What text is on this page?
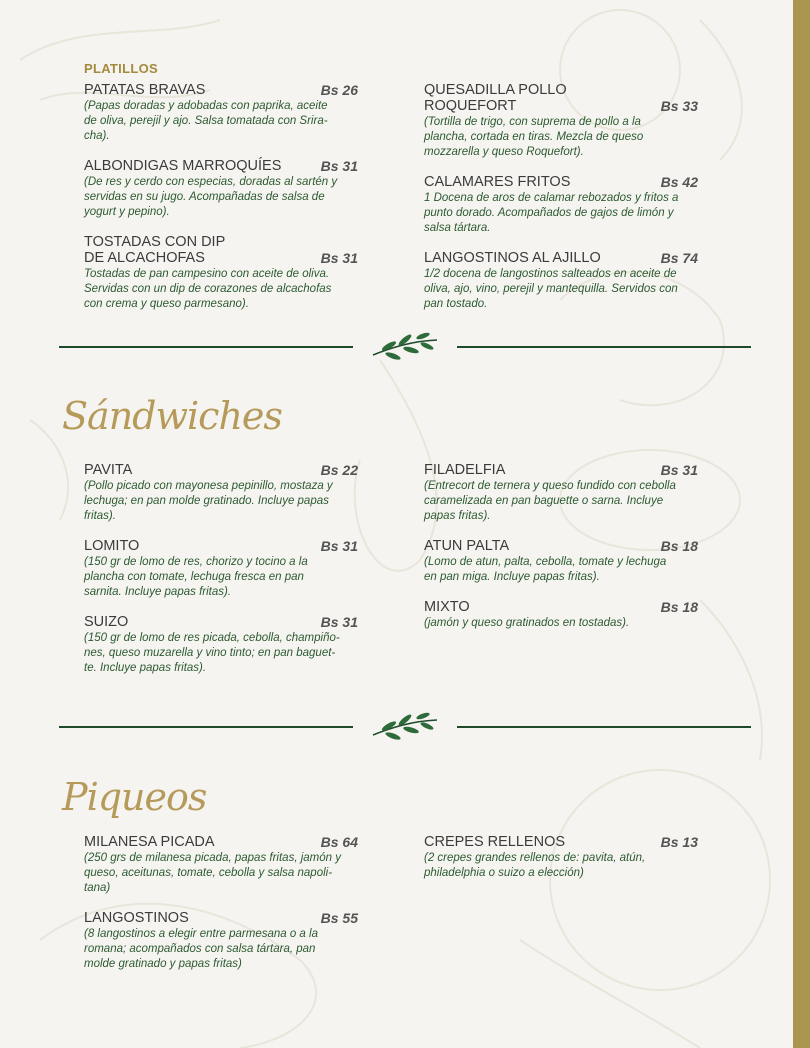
PLATILLOS
PATATAS BRAVAS	Bs 26
(Papas doradas y adobadas con paprika, aceite
de oliva, perejil y ajo. Salsa tomatada con Srira-
cha).
ALBONDIGAS MARROQUÍES	Bs 31
(De res y cerdo con especias, doradas al sartén y
servidas en su jugo. Acompañadas de salsa de
yogurt y pepino).
TOSTADAS CON DIP
DE ALCACHOFAS	Bs 31
Tostadas de pan campesino con aceite de oliva.
Servidas con un dip de corazones de alcachofas
con crema y queso parmesano).
QUESADILLA POLLO ROQUEFORT	Bs 33
(Tortilla de trigo, con suprema de pollo a la
plancha, cortada en tiras. Mezcla de queso
mozzarella y queso Roquefort).
CALAMARES FRITOS	Bs 42
1 Docena de aros de calamar rebozados y fritos a
punto dorado. Acompañados de gajos de limón y
salsa tártara.
LANGOSTINOS AL AJILLO	Bs 74
1/2 docena de langostinos salteados en aceite de
oliva, ajo, vino, perejil y mantequilla. Servidos con
pan tostado.
Sándwiches
PAVITA	Bs 22
(Pollo picado con mayonesa pepinillo, mostaza y
lechuga; en pan molde gratinado. Incluye papas
fritas).
LOMITO	Bs 31
(150 gr de lomo de res, chorizo y tocino a la
plancha con tomate, lechuga fresca en pan
sarnita. Incluye papas fritas).
SUIZO	Bs 31
(150 gr de lomo de res picada, cebolla, champiño-
nes, queso muzarella y vino tinto; en pan baguet-
te. Incluye papas fritas).
FILADELFIA	Bs 31
(Entrecort de ternera y queso fundido con cebolla
caramelizada en pan baguette o sarna. Incluye
papas fritas).
ATUN PALTA	Bs 18
(Lomo de atun, palta, cebolla, tomate y lechuga
en pan miga. Incluye papas fritas).
MIXTO	Bs 18
(jamón y queso gratinados en tostadas).
Piqueos
MILANESA PICADA	Bs 64
(250 grs de milanesa picada, papas fritas, jamón y
queso, aceitunas, tomate, cebolla y salsa napoli-
tana)
LANGOSTINOS	Bs 55
(8 langostinos a elegir entre parmesana o a la
romana; acompañados con salsa tártara, pan
molde gratinado y papas fritas)
CREPES RELLENOS	Bs 13
(2 crepes grandes rellenos de: pavita, atún,
philadelphia o suizo a elección)
